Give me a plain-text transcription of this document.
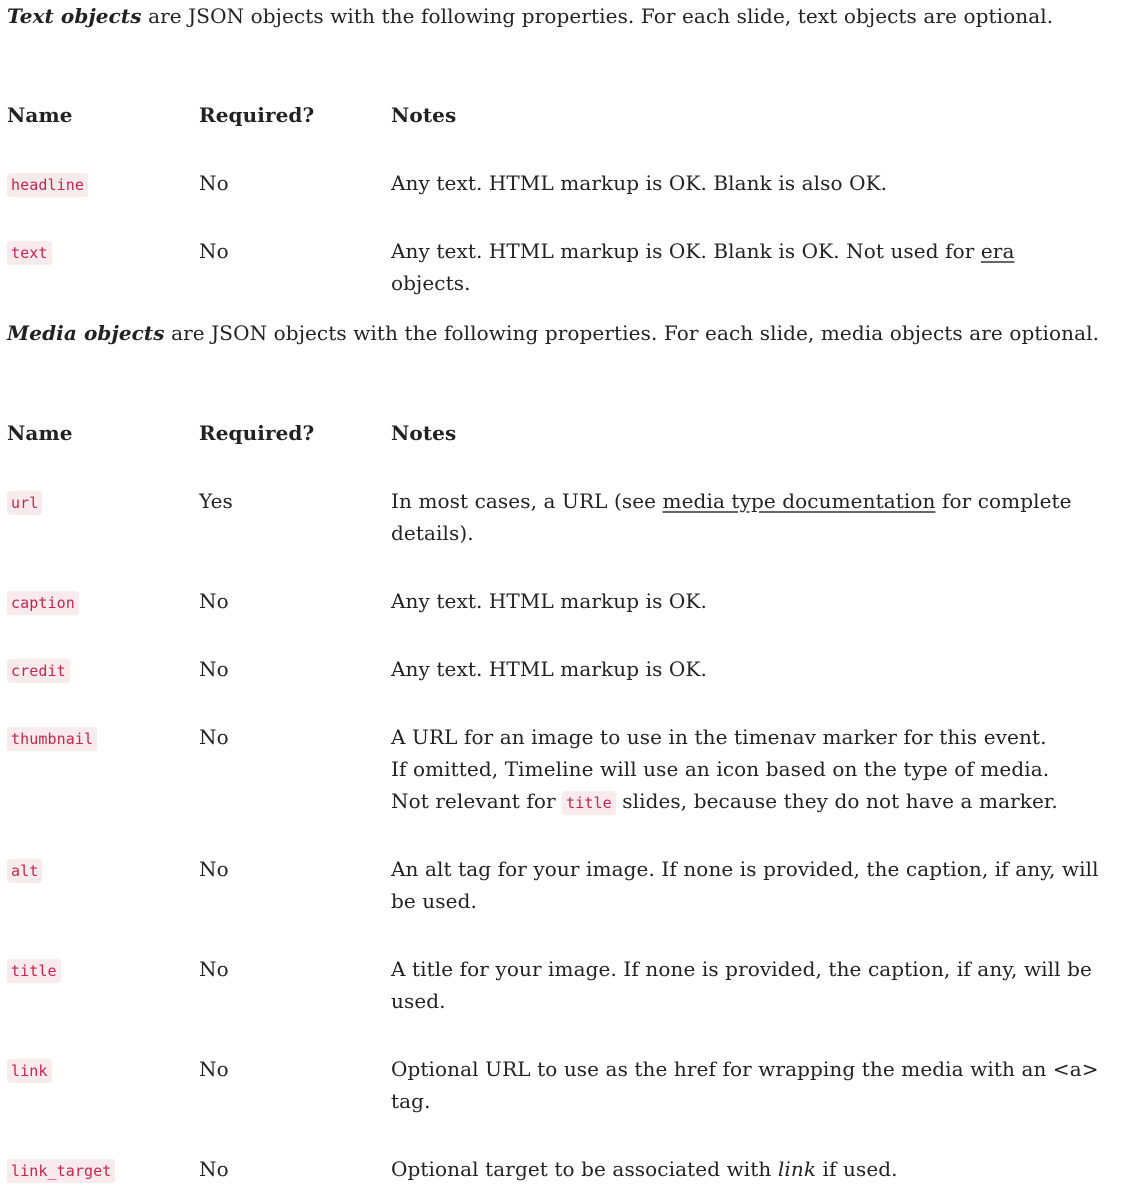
Text objects are JSON objects with the following properties. For each slide, text objects are optional.

Name	Required?	Notes
headline	No	Any text. HTML markup is OK. Blank is also OK.
text	No	Any text. HTML markup is OK. Blank is OK. Not used for era
objects.

Media objects are JSON objects with the following properties. For each slide, media objects are optional.

Name	Required?	Notes
url	Yes	In most cases, a URL (see media type documentation for complete details).
caption	No	Any text. HTML markup is OK.
credit	No	Any text. HTML markup is OK.
thumbnail	No	A URL for an image to use in the timenav marker for this event.
If omitted, Timeline will use an icon based on the type of media.
Not relevant for title slides, because they do not have a marker.
alt	No	An alt tag for your image. If none is provided, the caption, if any, will be used.
title	No	A title for your image. If none is provided, the caption, if any, will be used.
link	No	Optional URL to use as the href for wrapping the media with an <a> tag.
link_target	No	Optional target to be associated with link if used.
